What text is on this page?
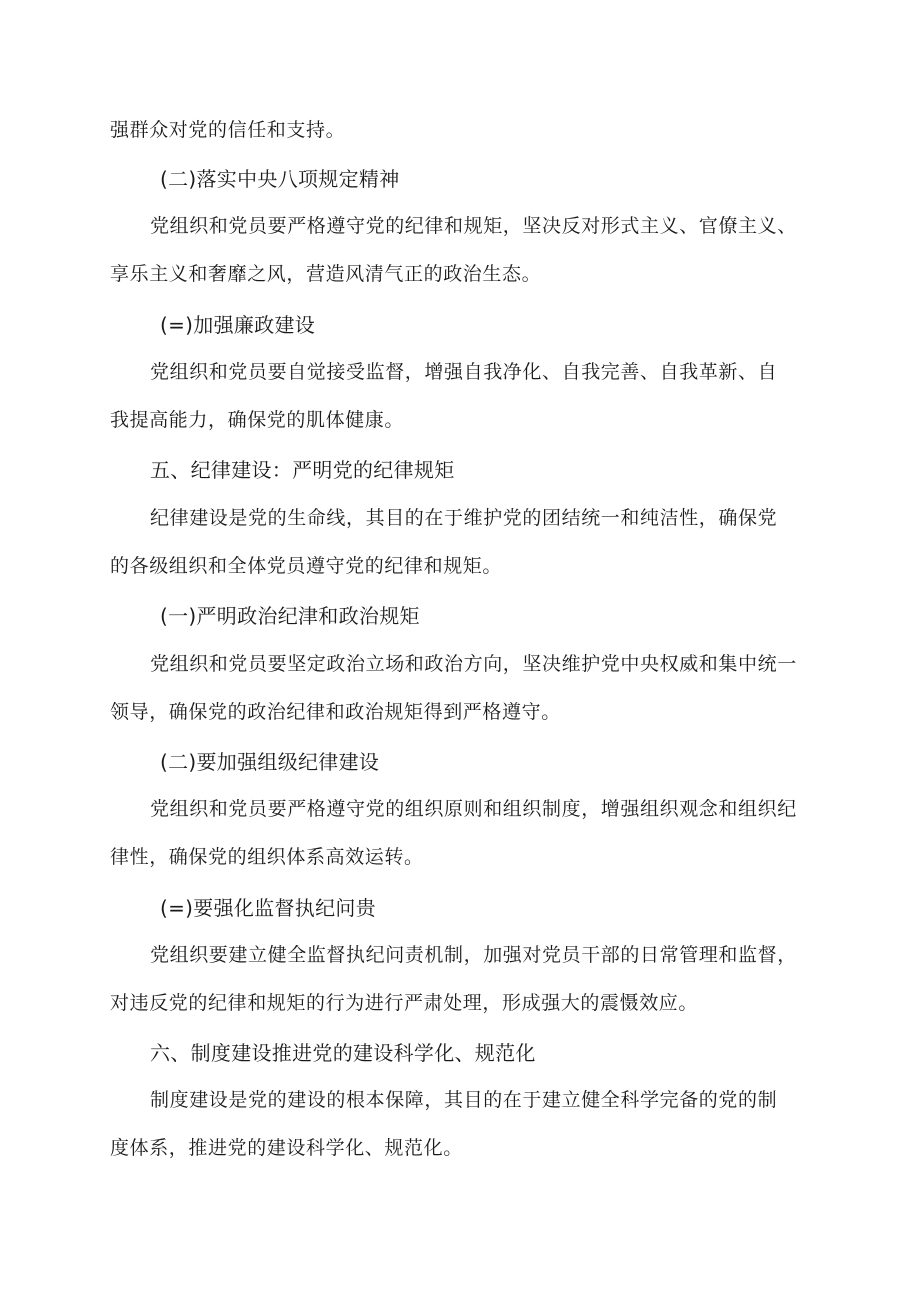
强群众对党的信任和支持。
(二)落实中央八项规定精神
党组织和党员要严格遵守党的纪律和规矩，坚决反对形式主义、官僚主义、
享乐主义和奢靡之风，营造风清气正的政治生态。
(=)加强廉政建设
党组织和党员要自觉接受监督，增强自我净化、自我完善、自我革新、自
我提高能力，确保党的肌体健康。
五、纪律建设：严明党的纪律规矩
纪律建设是党的生命线，其目的在于维护党的团结统一和纯洁性，确保党
的各级组织和全体党员遵守党的纪律和规矩。
(一)严明政治纪津和政治规矩
党组织和党员要坚定政治立场和政治方向，坚决维护党中央权威和集中统一
领导，确保党的政治纪律和政治规矩得到严格遵守。
(二)要加强组级纪律建设
党组织和党员要严格遵守党的组织原则和组织制度，增强组织观念和组织纪
律性，确保党的组织体系高效运转。
(=)要强化监督执纪问贵
党组织要建立健全监督执纪问责机制，加强对党员干部的日常管理和监督，
对违反党的纪律和规矩的行为进行严肃处理，形成强大的震慑效应。
六、制度建设推进党的建设科学化、规范化
制度建设是党的建设的根本保障，其目的在于建立健全科学完备的党的制
度体系，推进党的建设科学化、规范化。
